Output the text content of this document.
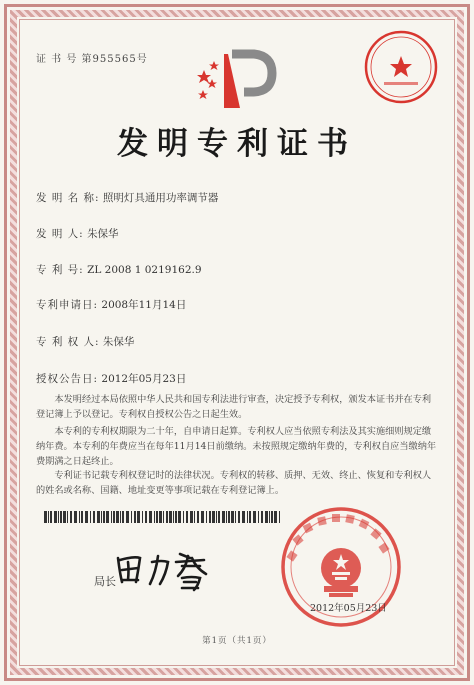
证 书 号 第955565号
发明专利证书
发 明 名 称: 照明灯具通用功率调节器
发 明 人: 朱保华
专 利 号: ZL 2008 1 0219162.9
专利申请日: 2008年11月14日
专 利 权 人: 朱保华
授权公告日: 2012年05月23日
本发明经过本局依照中华人民共和国专利法进行审查，决定授予专利权，颁发本证书并在专利登记簿上予以登记。专利权自授权公告之日起生效。
本专利的专利权期限为二十年，自申请日起算。专利权人应当依照专利法及其实施细则规定缴纳年费。本专利的年费应当在每年11月14日前缴纳。未按照规定缴纳年费的，专利权自应当缴纳年费期满之日起终止。
专利证书记载专利权登记时的法律状况。专利权的转移、质押、无效、终止、恢复和专利权人的姓名或名称、国籍、地址变更等事项记载在专利登记簿上。
局长
2012年05月23日
第1页（共1页）
